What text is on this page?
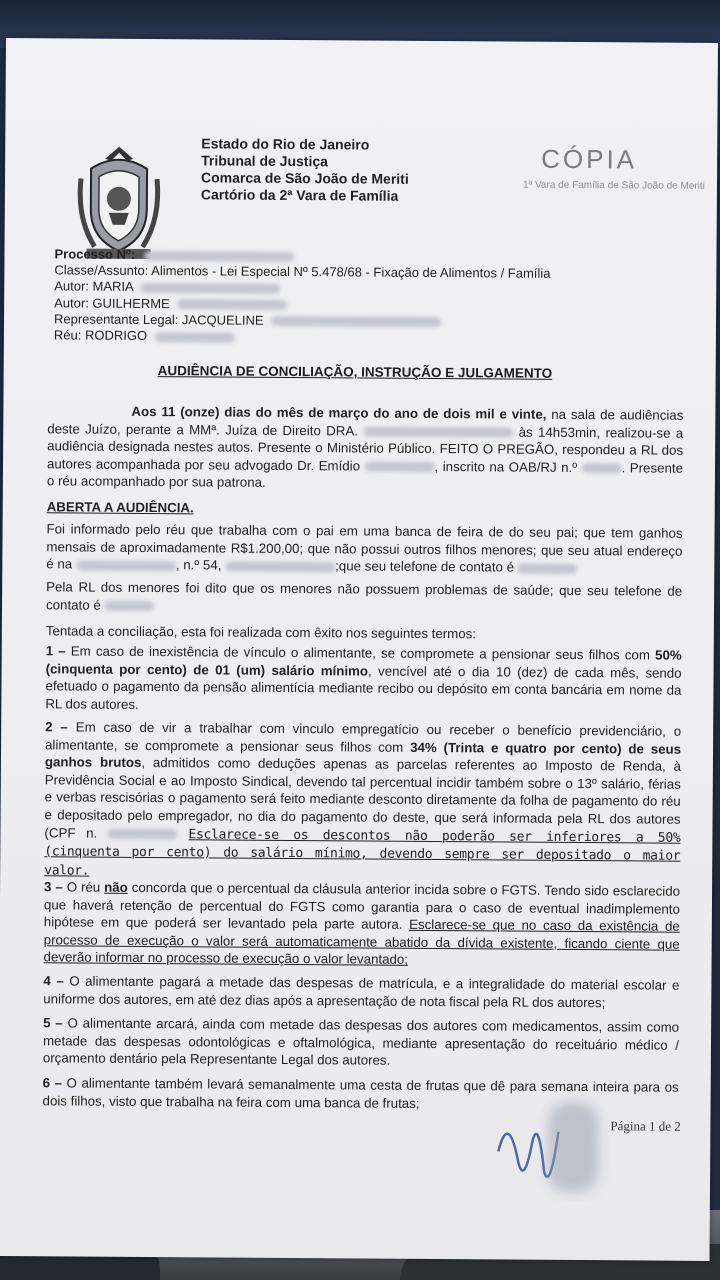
Estado do Rio de Janeiro
Tribunal de Justiça
Comarca de São João de Meriti
Cartório da 2ª Vara de Família
CÓPIA
1ª Vara de Família de São João de Meriti
Processo Nº:
Classe/Assunto: Alimentos - Lei Especial Nº 5.478/68 - Fixação de Alimentos / Família
Autor: MARIA
Autor: GUILHERME
Representante Legal: JACQUELINE
Réu: RODRIGO
AUDIÊNCIA DE CONCILIAÇÃO, INSTRUÇÃO E JULGAMENTO
Aos 11 (onze) dias do mês de março do ano de dois mil e vinte, na sala de audiências deste Juízo, perante a MMª. Juíza de Direito DRA.	às 14h53min, realizou-se a audiência designada nestes autos. Presente o Ministério Público. FEITO O PREGÃO, respondeu a RL dos autores acompanhada por seu advogado Dr. Emídio	, inscrito na OAB/RJ n.º	. Presente o réu acompanhado por sua patrona.
ABERTA A AUDIÊNCIA.
Foi informado pelo réu que trabalha com o pai em uma banca de feira de do seu pai; que tem ganhos mensais de aproximadamente R$1.200,00; que não possui outros filhos menores; que seu atual endereço é na	, n.º 54,	;que seu telefone de contato é
Pela RL dos menores foi dito que os menores não possuem problemas de saúde; que seu telefone de contato é
Tentada a conciliação, esta foi realizada com êxito nos seguintes termos:
1 – Em caso de inexistência de vínculo o alimentante, se compromete a pensionar seus filhos com 50% (cinquenta por cento) de 01 (um) salário mínimo, vencível até o dia 10 (dez) de cada mês, sendo efetuado o pagamento da pensão alimentícia mediante recibo ou depósito em conta bancária em nome da RL dos autores.
2 – Em caso de vir a trabalhar com vinculo empregatício ou receber o benefício previdenciário, o alimentante, se compromete a pensionar seus filhos com 34% (Trinta e quatro por cento) de seus ganhos brutos, admitidos como deduções apenas as parcelas referentes ao Imposto de Renda, à Previdência Social e ao Imposto Sindical, devendo tal percentual incidir também sobre o 13º salário, férias e verbas rescisórias o pagamento será feito mediante desconto diretamente da folha de pagamento do réu e depositado pelo empregador, no dia do pagamento do deste, que será informada pela RL dos autores (CPF n.	Esclarece-se os descontos não poderão ser inferiores a 50% (cinquenta por cento) do salário mínimo, devendo sempre ser depositado o maior valor.
3 – O réu não concorda que o percentual da cláusula anterior incida sobre o FGTS. Tendo sido esclarecido que haverá retenção de percentual do FGTS como garantia para o caso de eventual inadimplemento hipótese em que poderá ser levantado pela parte autora. Esclarece-se que no caso da existência de processo de execução o valor será automaticamente abatido da dívida existente, ficando ciente que deverão informar no processo de execução o valor levantado;
4 – O alimentante pagará a metade das despesas de matrícula, e a integralidade do material escolar e uniforme dos autores, em até dez dias após a apresentação de nota fiscal pela RL dos autores;
5 – O alimentante arcará, ainda com metade das despesas dos autores com medicamentos, assim como metade das despesas odontológicas e oftalmológica, mediante apresentação do receituário médico / orçamento dentário pela Representante Legal dos autores.
6 – O alimentante também levará semanalmente uma cesta de frutas que dê para semana inteira para os dois filhos, visto que trabalha na feira com uma banca de frutas;
Página 1 de 2
